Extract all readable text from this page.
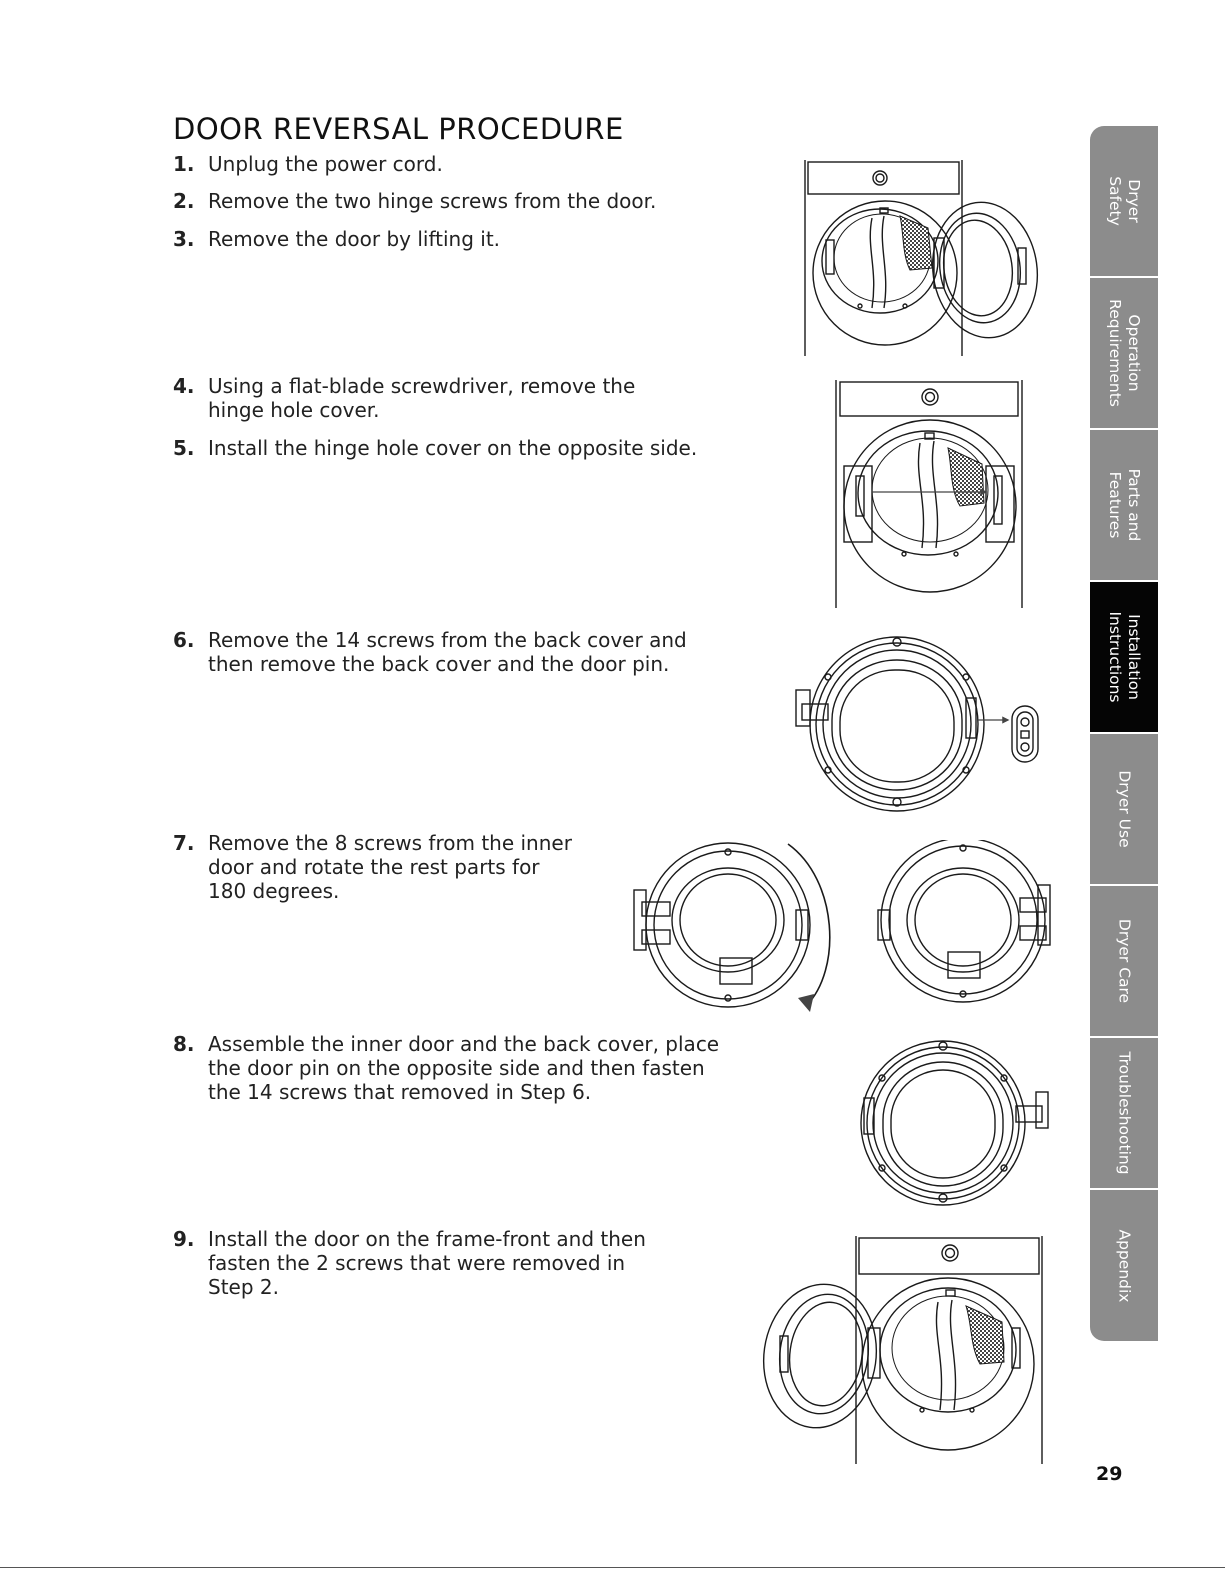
DOOR REVERSAL PROCEDURE
1. Unplug the power cord.
2. Remove the two hinge screws from the door.
3. Remove the door by lifting it.
4. Using a flat-blade screwdriver, remove the
hinge hole cover.
5. Install the hinge hole cover on the opposite side.
6. Remove the 14 screws from the back cover and
then remove the back cover and the door pin.
7. Remove the 8 screws from the inner
door and rotate the rest parts for
180 degrees.
8. Assemble the inner door and the back cover, place
the door pin on the opposite side and then fasten
the 14 screws that removed in Step 6.
9. Install the door on the frame-front and then
fasten the 2 screws that were removed in
Step 2.
Dryer
Safety
Operation
Requirements
Parts and
Features
Installation
Instructions
Dryer Use
Dryer Care
Troubleshooting
Appendix
29
